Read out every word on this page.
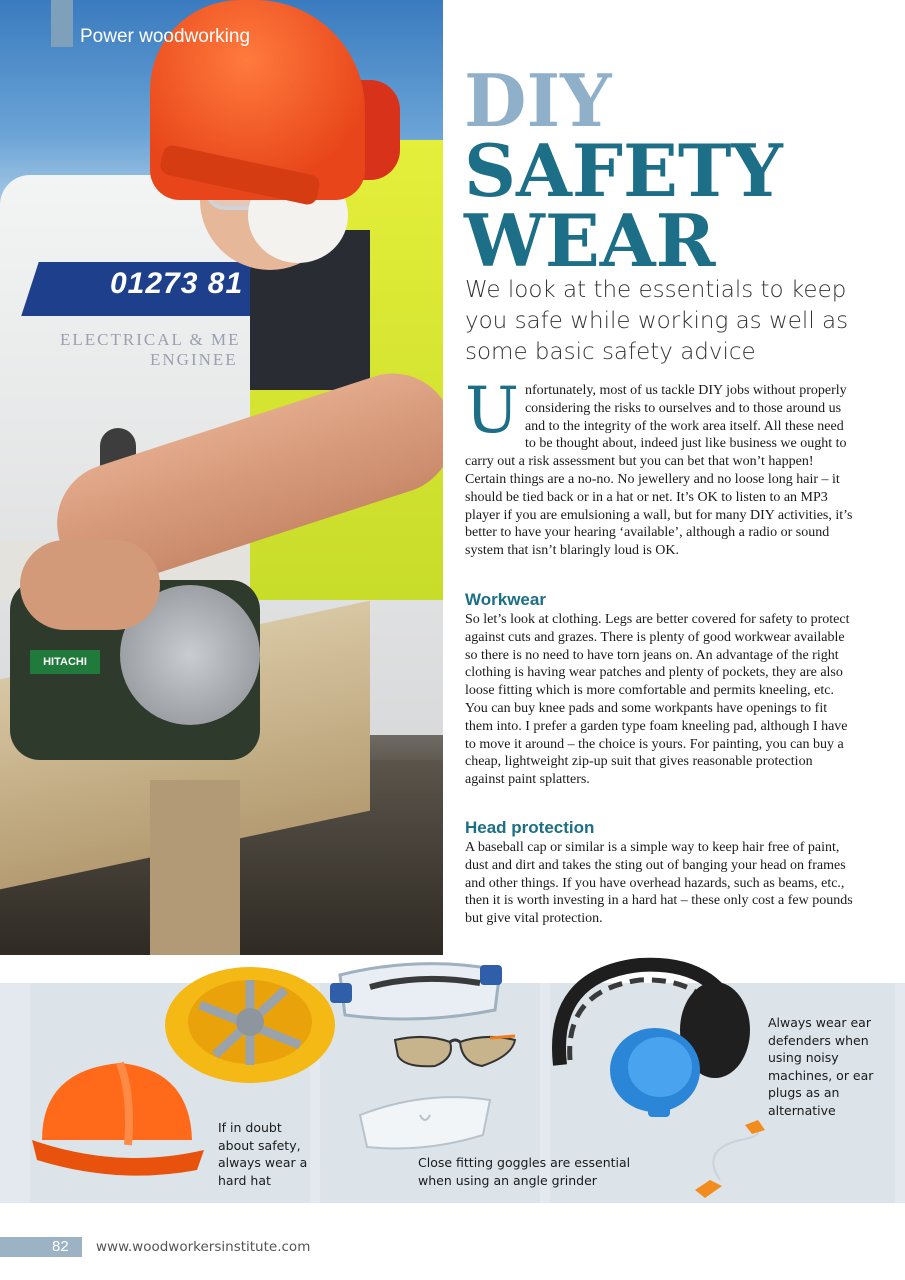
01273 81
ELECTRICAL & ME
ENGINEE
HITACHI
Power woodworking
DIY
SAFETY
WEAR

We look at the essentials to keep you safe while working as well as some basic safety advice

Unfortunately, most of us tackle DIY jobs without properly considering the risks to ourselves and to those around us and to the integrity of the work area itself. All these need to be thought about, indeed just like business we ought to carry out a risk assessment but you can bet that won’t happen! Certain things are a no-no. No jewellery and no loose long hair – it should be tied back or in a hat or net. It’s OK to listen to an MP3 player if you are emulsioning a wall, but for many DIY activities, it’s better to have your hearing ‘available’, although a radio or sound system that isn’t blaringly loud is OK.
Workwear

So let’s look at clothing. Legs are better covered for safety to protect against cuts and grazes. There is plenty of good workwear available so there is no need to have torn jeans on. An advantage of the right clothing is having wear patches and plenty of pockets, they are also loose fitting which is more comfortable and permits kneeling, etc. You can buy knee pads and some workpants have openings to fit them into. I prefer a garden type foam kneeling pad, although I have to move it around – the choice is yours. For painting, you can buy a cheap, lightweight zip-up suit that gives reasonable protection against paint splatters.

Head protection

A baseball cap or similar is a simple way to keep hair free of paint, dust and dirt and takes the sting out of banging your head on frames and other things. If you have overhead hazards, such as beams, etc., then it is worth investing in a hard hat – these only cost a few pounds but give vital protection.

If in doubt about safety, always wear a hard hat
Close fitting goggles are essential when using an angle grinder
Always wear ear defenders when using noisy machines, or ear plugs as an alternative
82 www.woodworkersinstitute.com
